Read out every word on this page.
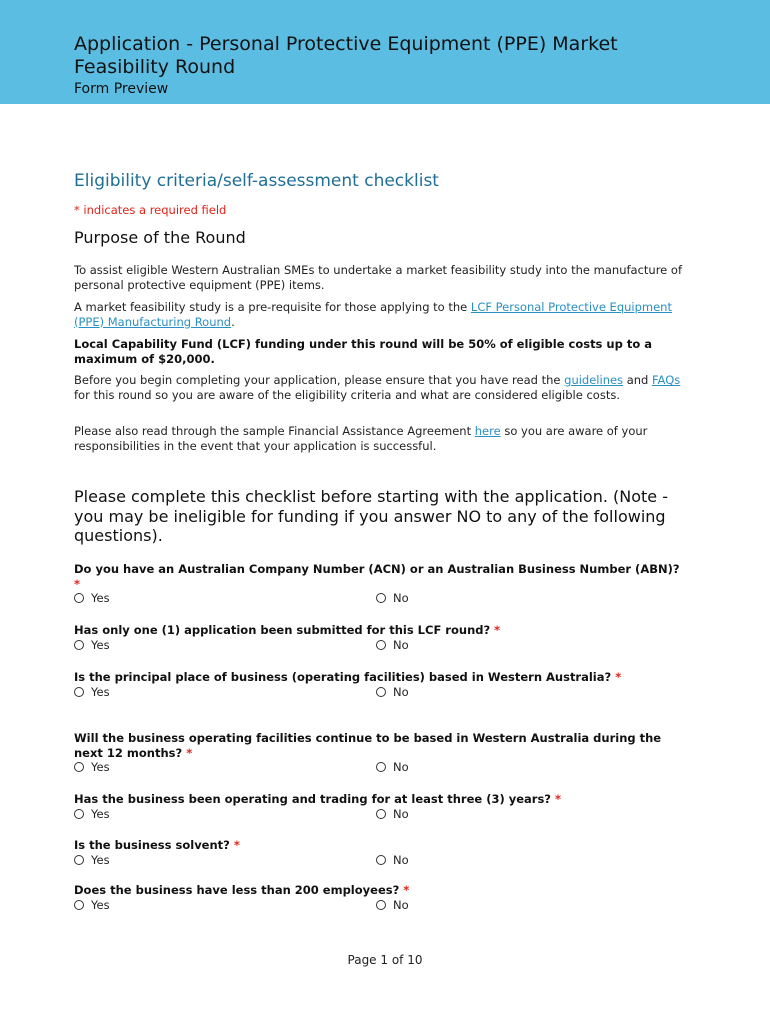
Application - Personal Protective Equipment (PPE) Market Feasibility Round
Form Preview
Eligibility criteria/self-assessment checklist
* indicates a required field
Purpose of the Round

To assist eligible Western Australian SMEs to undertake a market feasibility study into the manufacture of personal protective equipment (PPE) items.

A market feasibility study is a pre-requisite for those applying to the LCF Personal Protective Equipment (PPE) Manufacturing Round.

Local Capability Fund (LCF) funding under this round will be 50% of eligible costs up to a maximum of $20,000.

Before you begin completing your application, please ensure that you have read the guidelines and FAQs for this round so you are aware of the eligibility criteria and what are considered eligible costs.

Please also read through the sample Financial Assistance Agreement here so you are aware of your responsibilities in the event that your application is successful.

Please complete this checklist before starting with the application. (Note - you may be ineligible for funding if you answer NO to any of the following questions).
Do you have an Australian Company Number (ACN) or an Australian Business Number (ABN)? *
Yes	No
Has only one (1) application been submitted for this LCF round? *
Yes	No
Is the principal place of business (operating facilities) based in Western Australia? *
Yes	No
Will the business operating facilities continue to be based in Western Australia during the next 12 months? *
Yes	No
Has the business been operating and trading for at least three (3) years? *
Yes	No
Is the business solvent? *
Yes	No
Does the business have less than 200 employees? *
Yes	No
Page 1 of 10
